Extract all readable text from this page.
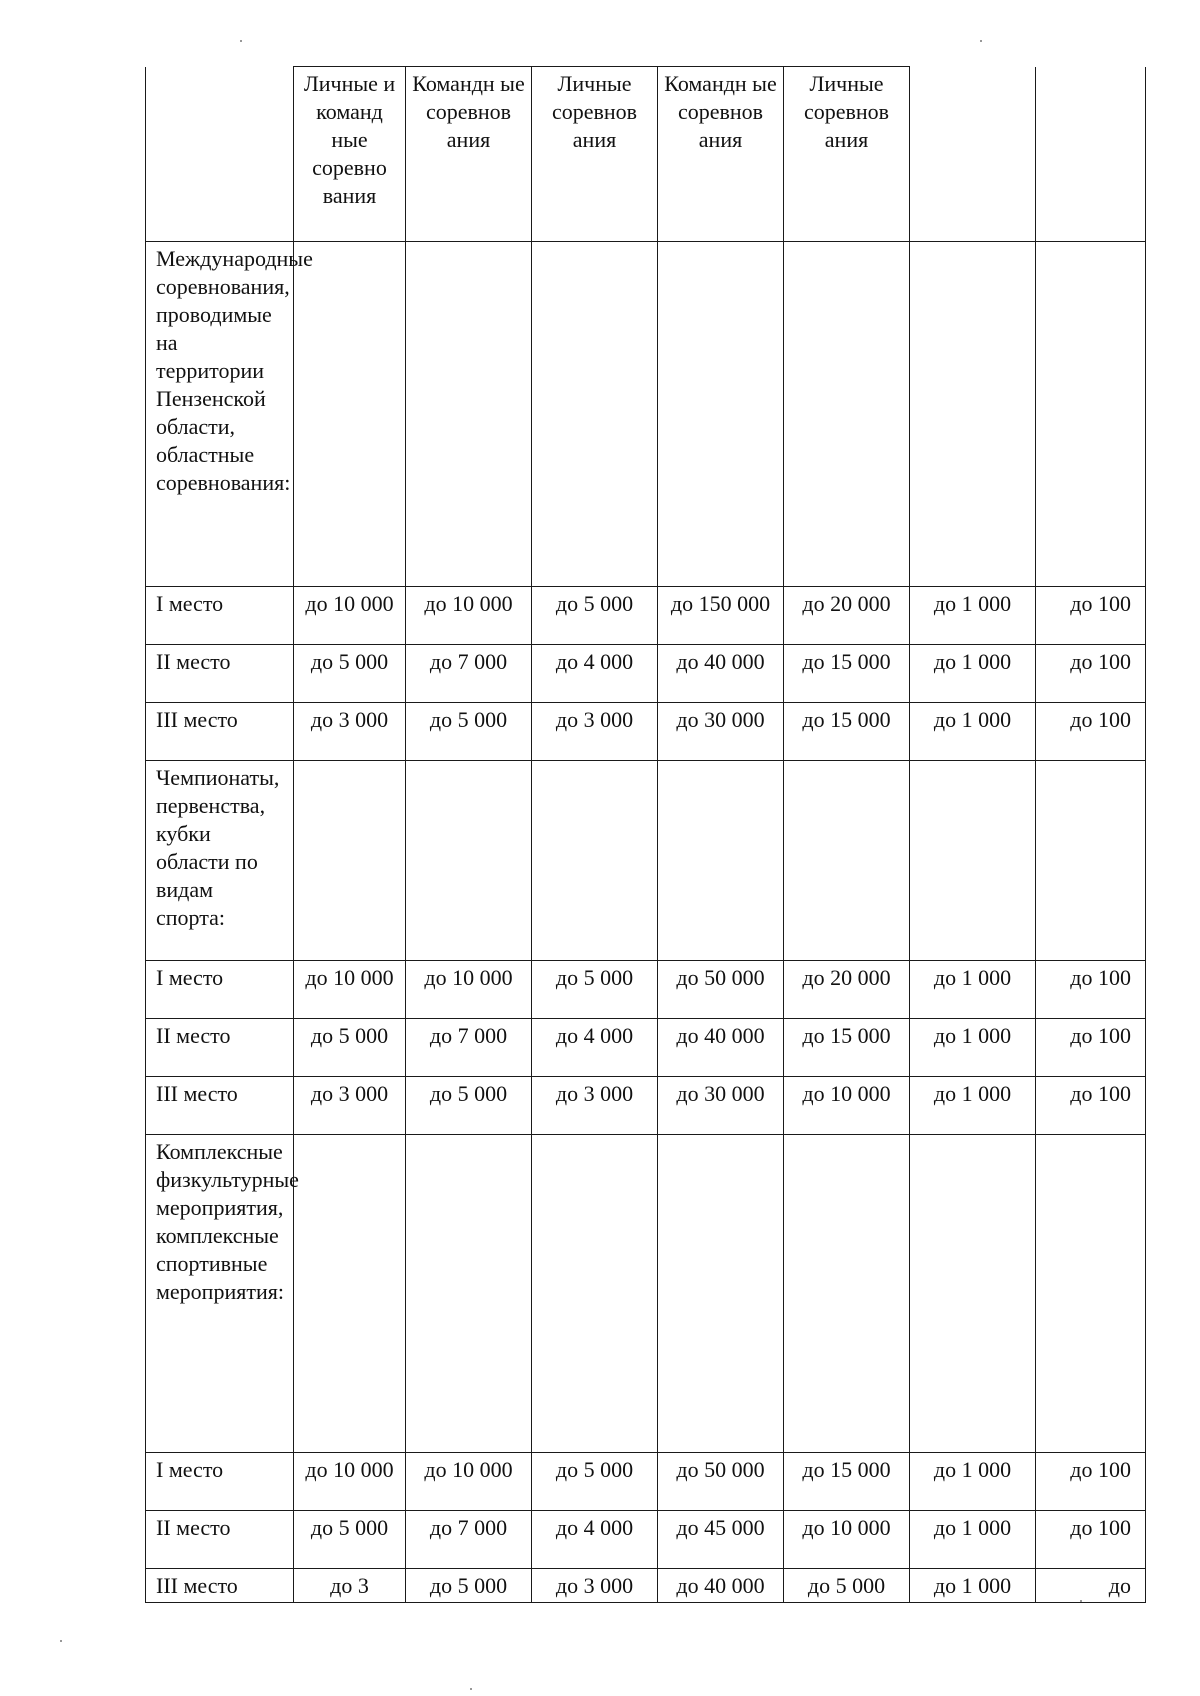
	Личные и команд ные соревно вания	Командн ые соревнов ания	Личные соревнов ания	Командн ые соревнов ания	Личные соревнов ания		
Международные соревнования, проводимые на территории Пензенской области, областные соревнования:							
I место	до 10 000	до 10 000	до 5 000	до 150 000	до 20 000	до 1 000	до 100
II место	до 5 000	до 7 000	до 4 000	до 40 000	до 15 000	до 1 000	до 100
III место	до 3 000	до 5 000	до 3 000	до 30 000	до 15 000	до 1 000	до 100
Чемпионаты, первенства, кубки области по видам спорта:							
I место	до 10 000	до 10 000	до 5 000	до 50 000	до 20 000	до 1 000	до 100
II место	до 5 000	до 7 000	до 4 000	до 40 000	до 15 000	до 1 000	до 100
III место	до 3 000	до 5 000	до 3 000	до 30 000	до 10 000	до 1 000	до 100
Комплексные физкультурные мероприятия, комплексные спортивные мероприятия:							
I место	до 10 000	до 10 000	до 5 000	до 50 000	до 15 000	до 1 000	до 100
II место	до 5 000	до 7 000	до 4 000	до 45 000	до 10 000	до 1 000	до 100
III место	до 3	до 5 000	до 3 000	до 40 000	до 5 000	до 1 000	до
